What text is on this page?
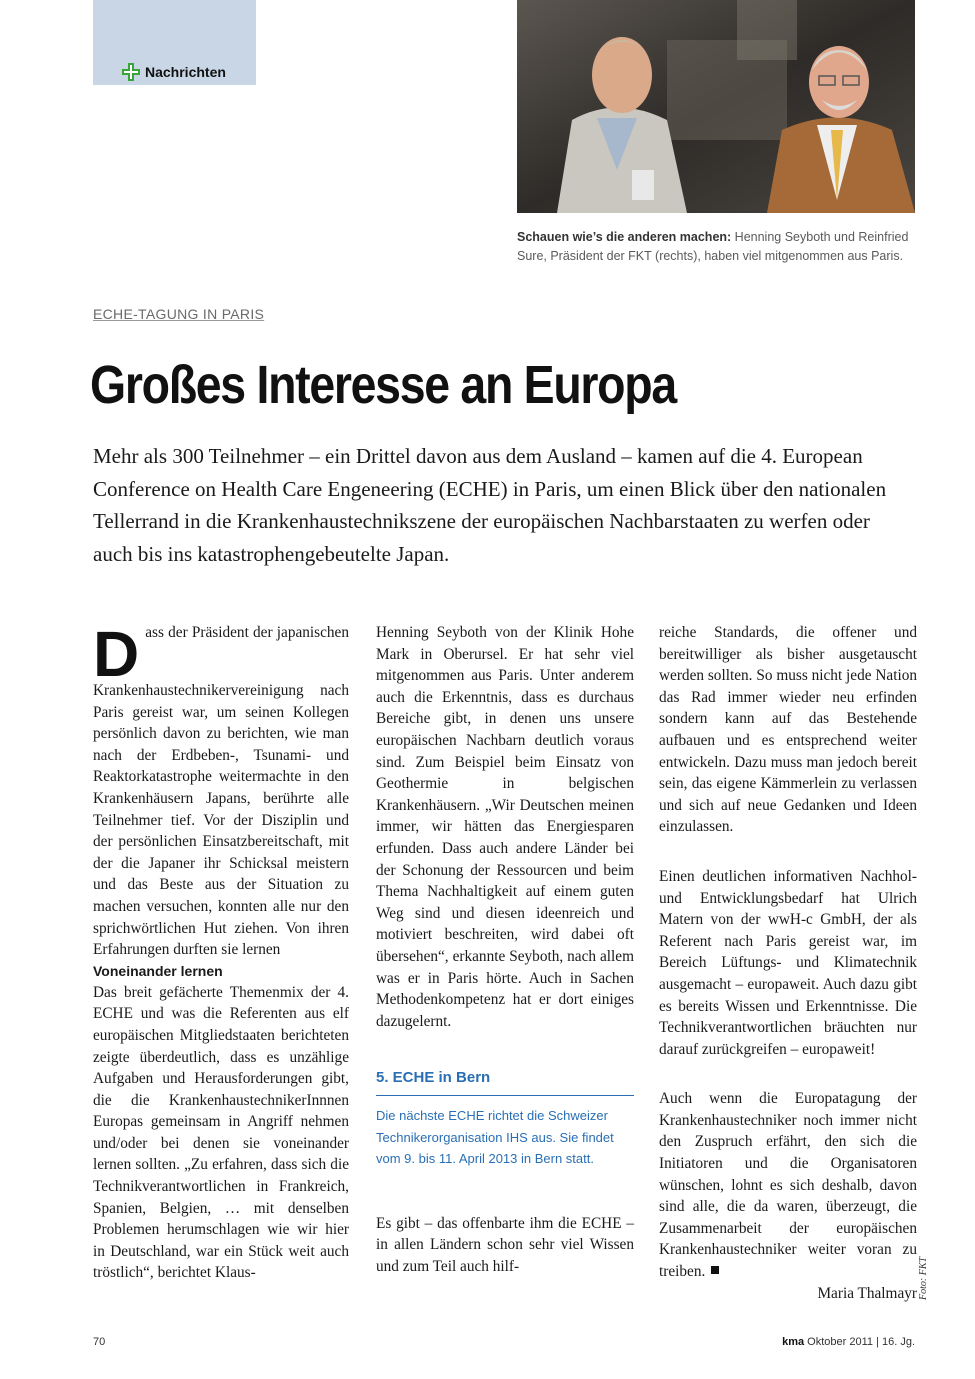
Nachrichten
Schauen wie’s die anderen machen: Henning Seyboth und Reinfried Sure, Präsident der FKT (rechts), haben viel mitgenommen aus Paris.
ECHE-TAGUNG IN PARIS
Großes Interesse an Europa

Mehr als 300 Teilnehmer – ein Drittel davon aus dem Ausland – kamen auf die 4. European Conference on Health Care Engeneering (ECHE) in Paris, um einen Blick über den nationalen Tellerrand in die Krankenhaustechnikszene der europäischen Nachbarstaaten zu werfen oder auch bis ins katastrophengebeutelte Japan.

Dass der Präsident der japanischen Krankenhaustechnikervereinigung nach Paris gereist war, um seinen Kollegen persönlich davon zu berichten, wie man nach der Erdbeben-, Tsunami- und Reaktorkatastrophe weitermachte in den Krankenhäusern Japans, berührte alle Teilnehmer tief. Vor der Disziplin und der persönlichen Einsatzbereitschaft, mit der die Japaner ihr Schicksal meistern und das Beste aus der Situation zu machen versuchen, konnten alle nur den sprichwörtlichen Hut ziehen. Von ihren Erfahrungen durften sie lernen

Voneinander lernen

Das breit gefächerte Themenmix der 4. ECHE und was die Referenten aus elf europäischen Mitgliedstaaten berichteten zeigte überdeutlich, dass es unzählige Aufgaben und Herausforderungen gibt, die die KrankenhaustechnikerInnnen Europas gemeinsam in Angriff nehmen und/oder bei denen sie voneinander lernen sollten. „Zu erfahren, dass sich die Technikverantwortlichen in Frankreich, Spanien, Belgien, … mit denselben Problemen herumschlagen wie wir hier in Deutschland, war ein Stück weit auch tröstlich“, berichtet Klaus-

Henning Seyboth von der Klinik Hohe Mark in Oberursel. Er hat sehr viel mitgenommen aus Paris. Unter anderem auch die Erkenntnis, dass es durchaus Bereiche gibt, in denen uns unsere europäischen Nachbarn deutlich voraus sind. Zum Beispiel beim Einsatz von Geothermie in belgischen Krankenhäusern. „Wir Deutschen meinen immer, wir hätten das Energiesparen erfunden. Dass auch andere Länder bei der Schonung der Ressourcen und beim Thema Nachhaltigkeit auf einem guten Weg sind und diesen ideenreich und motiviert beschreiten, wird dabei oft übersehen“, erkannte Seyboth, nach allem was er in Paris hörte. Auch in Sachen Methodenkompetenz hat er dort einiges dazugelernt.

5. ECHE in Bern
Die nächste ECHE richtet die Schweizer Technikerorganisation IHS aus. Sie findet vom 9. bis 11. April 2013 in Bern statt.

Es gibt – das offenbarte ihm die ECHE – in allen Ländern schon sehr viel Wissen und zum Teil auch hilf-

reiche Standards, die offener und bereitwilliger als bisher ausgetauscht werden sollten. So muss nicht jede Nation das Rad immer wieder neu erfinden sondern kann auf das Bestehende aufbauen und es entsprechend weiter entwickeln. Dazu muss man jedoch bereit sein, das eigene Kämmerlein zu verlassen und sich auf neue Gedanken und Ideen einzulassen.

Einen deutlichen informativen Nachhol- und Entwicklungsbedarf hat Ulrich Matern von der wwH-c GmbH, der als Referent nach Paris gereist war, im Bereich Lüftungs- und Klimatechnik ausgemacht – europaweit. Auch dazu gibt es bereits Wissen und Erkenntnisse. Die Technikverantwortlichen bräuchten nur darauf zurückgreifen – europaweit!

Auch wenn die Europatagung der Krankenhaustechniker noch immer nicht den Zuspruch erfährt, den sich die Initiatoren und die Organisatoren wünschen, lohnt es sich deshalb, davon sind alle, die da waren, überzeugt, die Zusammenarbeit der europäischen Krankenhaustechniker weiter voran zu treiben.

Maria Thalmayr Foto: FKT
70	kma Oktober 2011 | 16. Jg.
